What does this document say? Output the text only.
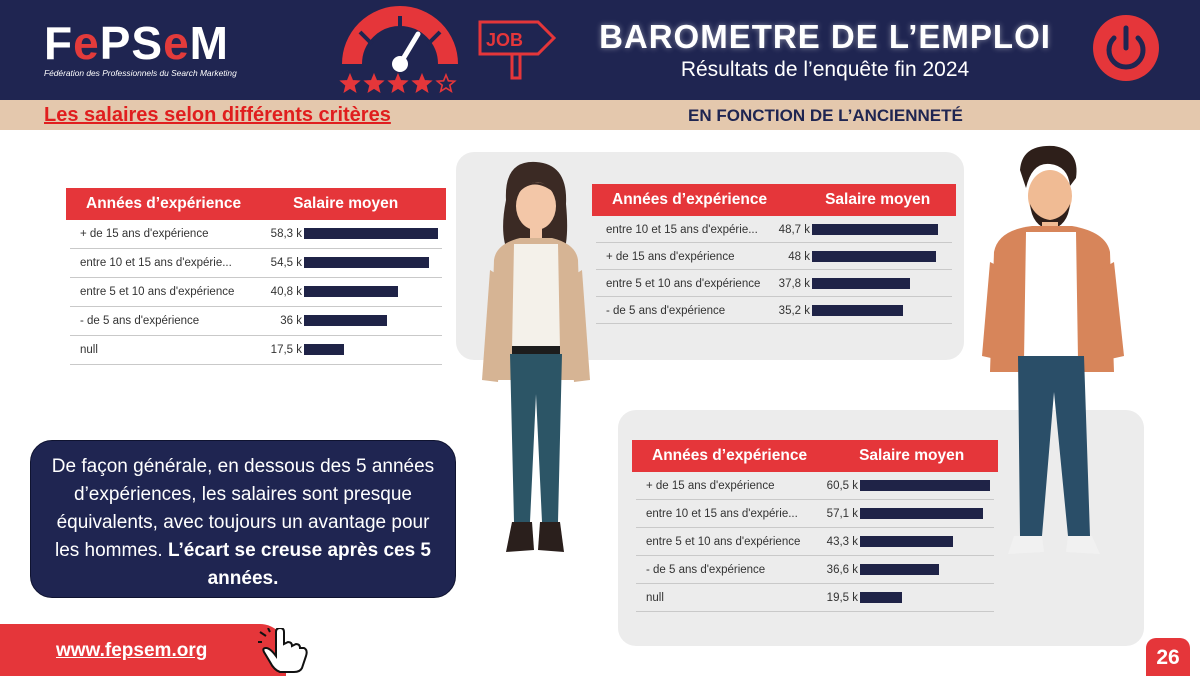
FePSeM
Fédération des Professionnels du Search Marketing
JOB	BAROMETRE DE L’EMPLOI
Résultats de l’enquête fin 2024
Les salaires selon différents critères	EN FONCTION DE L’ANCIENNETÉ
Années d’expérience	Salaire moyen
+ de 15 ans d'expérience	58,3 k
entre 10 et 15 ans d'expérie...	54,5 k
entre 5 et 10 ans d'expérience	40,8 k
- de 5 ans d'expérience	36 k
null	17,5 k
Années d’expérience	Salaire moyen
entre 10 et 15 ans d'expérie...	48,7 k
+ de 15 ans d'expérience	48 k
entre 5 et 10 ans d'expérience	37,8 k
- de 5 ans d'expérience	35,2 k
Années d’expérience	Salaire moyen
+ de 15 ans d'expérience	60,5 k
entre 10 et 15 ans d'expérie...	57,1 k
entre 5 et 10 ans d'expérience	43,3 k
- de 5 ans d'expérience	36,6 k
null	19,5 k
De façon générale, en dessous des 5 années d’expériences, les salaires sont presque équivalents, avec toujours un avantage pour les hommes. L’écart se creuse après ces 5 années.
www.fepsem.org	26
